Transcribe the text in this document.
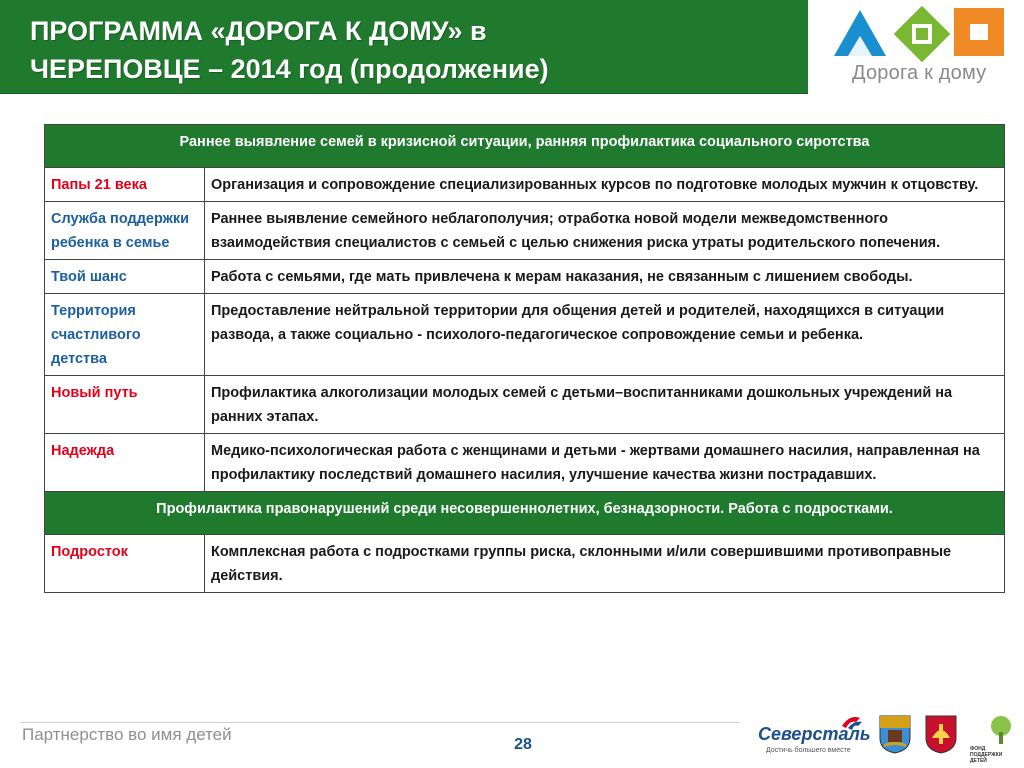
ПРОГРАММА «ДОРОГА К ДОМУ» в
ЧЕРЕПОВЦЕ – 2014 год (продолжение)	Дорога к дому
Раннее выявление семей в кризисной ситуации, ранняя профилактика социального сиротства	
Папы 21 века	Организация и сопровождение специализированных курсов по подготовке молодых мужчин к отцовству.
Служба поддержки ребенка в семье	Раннее выявление семейного неблагополучия; отработка новой модели межведомственного взаимодействия специалистов с семьей с целью снижения риска утраты родительского попечения.
Твой шанс	Работа с семьями, где мать привлечена к мерам наказания, не связанным с лишением свободы.
Территория счастливого детства	Предоставление нейтральной территории для общения детей и родителей, находящихся в ситуации развода, а также социально - психолого-педагогическое сопровождение семьи и ребенка.
Новый путь	Профилактика алкоголизации молодых семей с детьми–воспитанниками дошкольных учреждений на ранних этапах.
Надежда	Медико-психологическая работа с женщинами и детьми - жертвами домашнего насилия, направленная на профилактику последствий домашнего насилия, улучшение качества жизни пострадавших.
Профилактика правонарушений среди несовершеннолетних, безнадзорности. Работа с подростками.	
Подросток	Комплексная работа с подростками группы риска, склонными и/или совершившими противоправные действия.
Партнерство во имя детей
28
Северсталь
Достичь большего вместе	ФОНД
ПОДДЕРЖКИ
ДЕТЕЙ
